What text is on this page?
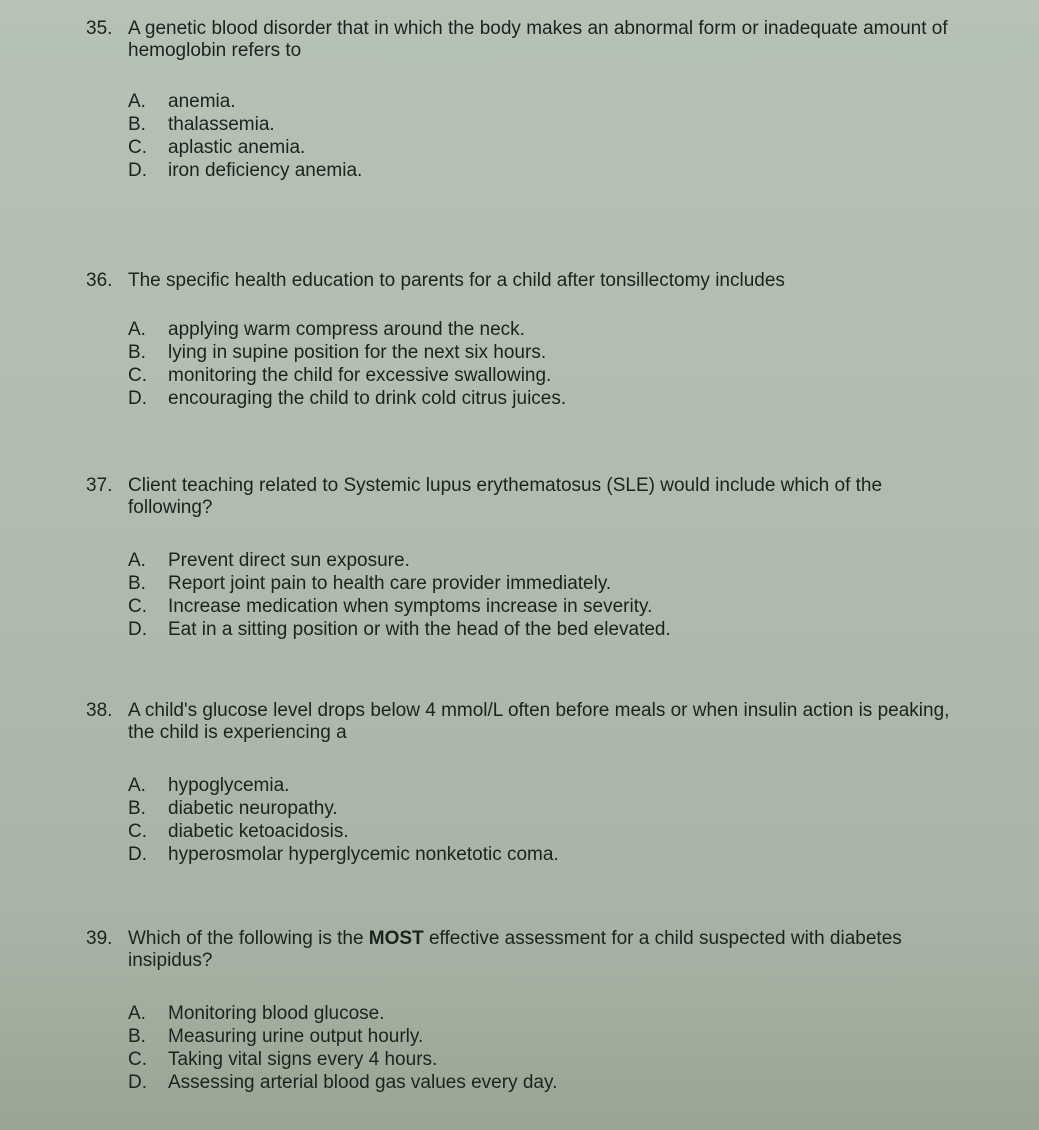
35. A genetic blood disorder that in which the body makes an abnormal form or inadequate amount of hemoglobin refers to
A.	anemia.
B.	thalassemia.
C.	aplastic anemia.
D.	iron deficiency anemia.
36. The specific health education to parents for a child after tonsillectomy includes
A.	applying warm compress around the neck.
B.	lying in supine position for the next six hours.
C.	monitoring the child for excessive swallowing.
D.	encouraging the child to drink cold citrus juices.
37. Client teaching related to Systemic lupus erythematosus (SLE) would include which of the following?
A.	Prevent direct sun exposure.
B.	Report joint pain to health care provider immediately.
C.	Increase medication when symptoms increase in severity.
D.	Eat in a sitting position or with the head of the bed elevated.
38. A child's glucose level drops below 4 mmol/L often before meals or when insulin action is peaking, the child is experiencing a
A.	hypoglycemia.
B.	diabetic neuropathy.
C.	diabetic ketoacidosis.
D.	hyperosmolar hyperglycemic nonketotic coma.
39. Which of the following is the MOST effective assessment for a child suspected with diabetes insipidus?
A.	Monitoring blood glucose.
B.	Measuring urine output hourly.
C.	Taking vital signs every 4 hours.
D.	Assessing arterial blood gas values every day.
